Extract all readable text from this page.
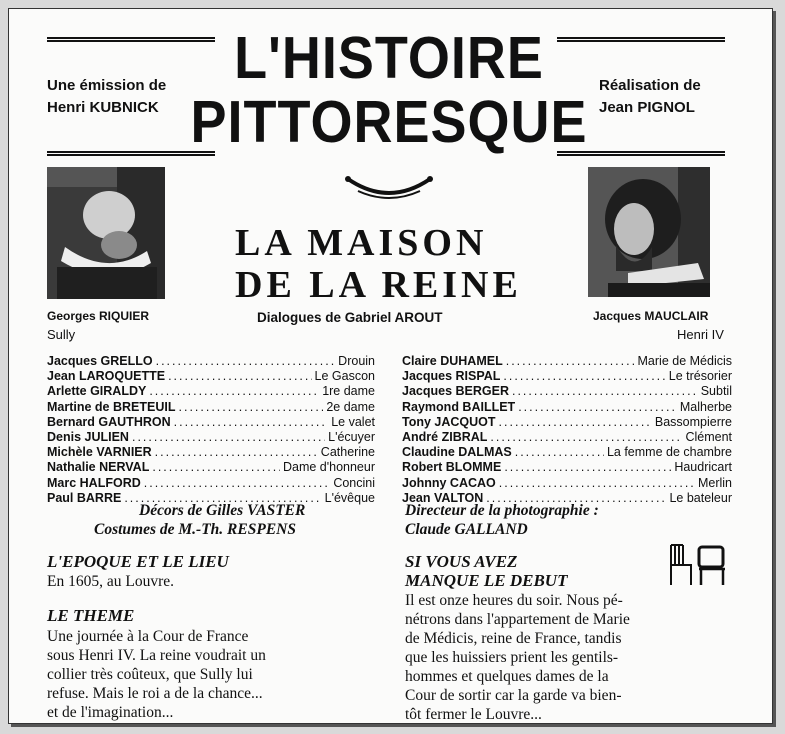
Une émission de
Henri KUBNICK
Réalisation de
Jean PIGNOL
L'HISTOIRE
PITTORESQUE
LA MAISON
DE LA REINE
Dialogues de Gabriel AROUT
Georges RIQUIER
Sully
Jacques MAUCLAIR
Henri IV
Jacques GRELLO .....	Drouin
Jean LAROQUETTE .....	Le Gascon
Arlette GIRALDY .....	1re dame
Martine de BRETEUIL .....	2e dame
Bernard GAUTHRON .....	Le valet
Denis JULIEN .....	L'écuyer
Michèle VARNIER .....	Catherine
Nathalie NERVAL .....	Dame d'honneur
Marc HALFORD .....	Concini
Paul BARRE .....	L'évêque
Claire DUHAMEL .....	Marie de Médicis
Jacques RISPAL .....	Le trésorier
Jacques BERGER .....	Subtil
Raymond BAILLET .....	Malherbe
Tony JACQUOT .....	Bassompierre
André ZIBRAL .....	Clément
Claudine DALMAS .....	La femme de chambre
Robert BLOMME .....	Haudricart
Johnny CACAO .....	Merlin
Jean VALTON .....	Le bateleur
Décors de Gilles VASTER
Costumes de M.-Th. RESPENS
Directeur de la photographie :
Claude GALLAND
L'EPOQUE ET LE LIEU
En 1605, au Louvre.
LE THEME
Une journée à la Cour de France
sous Henri IV. La reine voudrait un
collier très coûteux, que Sully lui
refuse. Mais le roi a de la chance...
et de l'imagination...
SI VOUS AVEZ
MANQUE LE DEBUT
Il est onze heures du soir. Nous pé-
nétrons dans l'appartement de Marie
de Médicis, reine de France, tandis
que les huissiers prient les gentils-
hommes et quelques dames de la
Cour de sortir car la garde va bien-
tôt fermer le Louvre...
